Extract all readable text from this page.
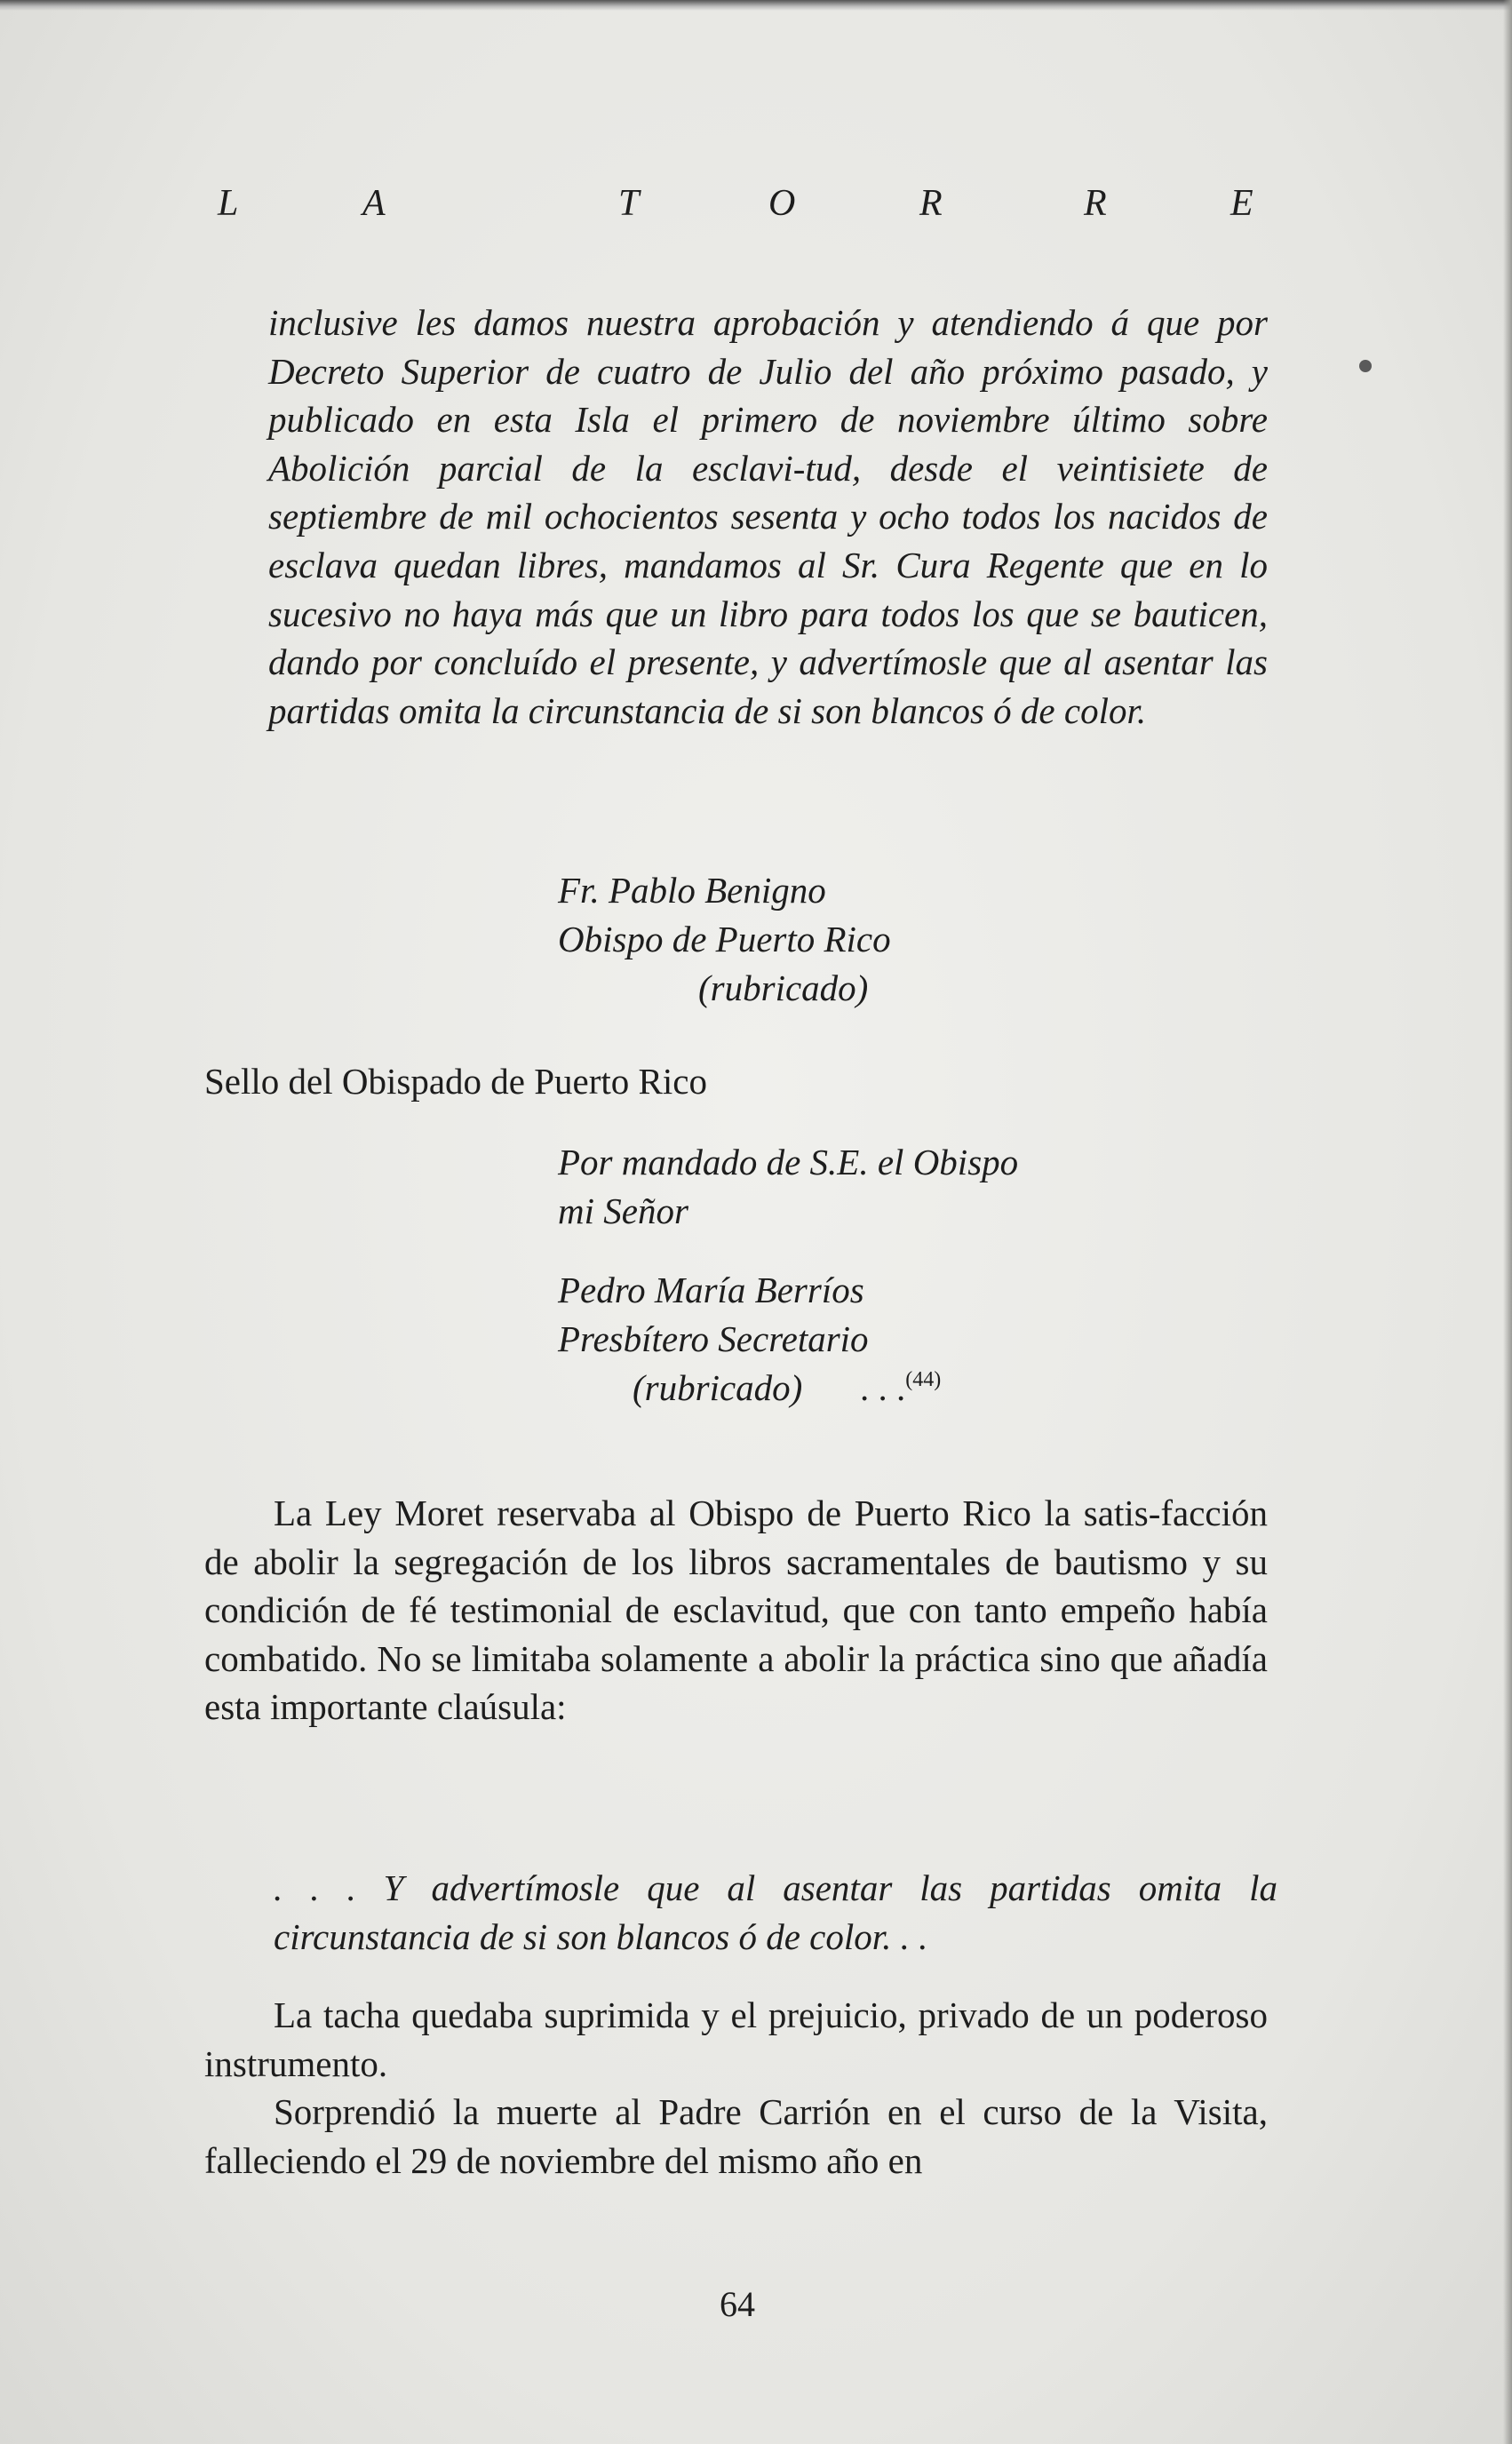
L	A	T	O	R	R	E

inclusive les damos nuestra aprobación y atendiendo á que por Decreto Superior de cuatro de Julio del año próximo pasado, y publicado en esta Isla el primero de noviembre último sobre Abolición parcial de la esclavi-tud, desde el veintisiete de septiembre de mil ochocientos sesenta y ocho todos los nacidos de esclava quedan libres, mandamos al Sr. Cura Regente que en lo sucesivo no haya más que un libro para todos los que se bauticen, dando por concluído el presente, y advertímosle que al asentar las partidas omita la circunstancia de si son blancos ó de color.

Fr. Pablo Benigno

Obispo de Puerto Rico

(rubricado)

Sello del Obispado de Puerto Rico

Por mandado de S.E. el Obispo

mi Señor

Pedro María Berríos

Presbítero Secretario

(rubricado) . . .$^{(44)}$

La Ley Moret reservaba al Obispo de Puerto Rico la satis-facción de abolir la segregación de los libros sacramentales de bautismo y su condición de fé testimonial de esclavitud, que con tanto empeño había combatido. No se limitaba solamente a abolir la práctica sino que añadía esta importante claúsula:

. . . Y advertímosle que al asentar las partidas omita la circunstancia de si son blancos ó de color. . .

La tacha quedaba suprimida y el prejuicio, privado de un poderoso instrumento.

Sorprendió la muerte al Padre Carrión en el curso de la Visita, falleciendo el 29 de noviembre del mismo año en

64
